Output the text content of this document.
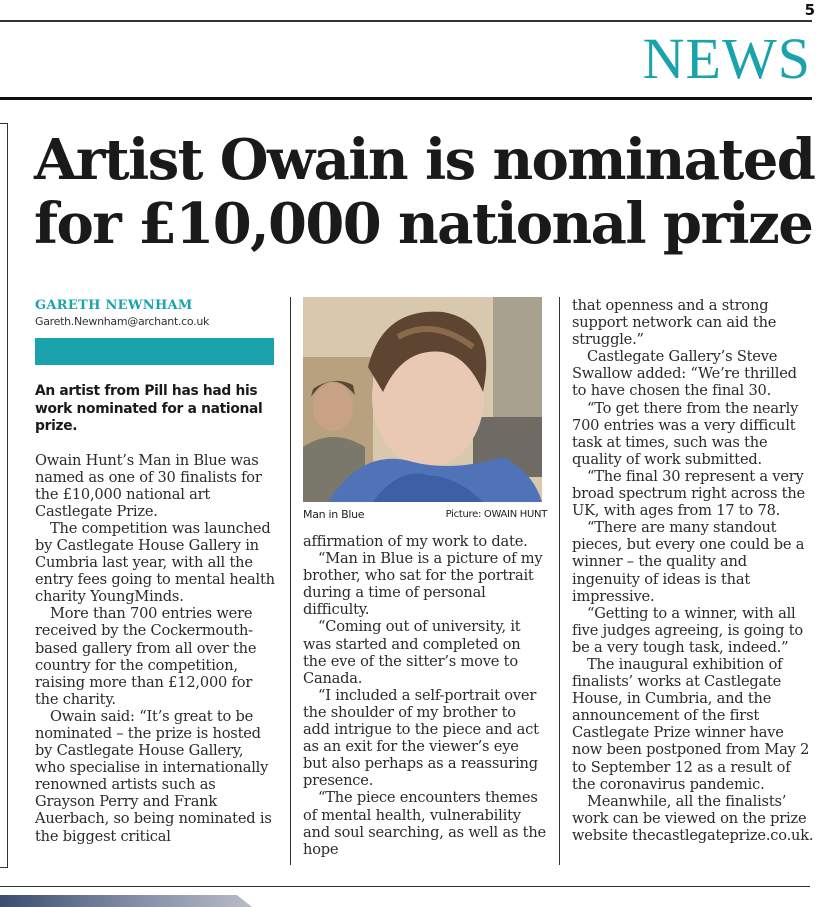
5
NEWS
Artist Owain is nominated
for £10,000 national prize
GARETH NEWNHAM
Gareth.Newnham@archant.co.uk
An artist from Pill has had his work nominated for a national prize.

Owain Hunt’s Man in Blue was named as one of 30 finalists for the £10,000 national art Castlegate Prize.

The competition was launched by Castlegate House Gallery in Cumbria last year, with all the entry fees going to mental health charity YoungMinds.

More than 700 entries were received by the Cockermouth-based gallery from all over the country for the competition, raising more than £12,000 for the charity.

Owain said: “It’s great to be nominated – the prize is hosted by Castlegate House Gallery, who specialise in internationally renowned artists such as Grayson Perry and Frank Auerbach, so being nominated is the biggest critical

Man in Blue	Picture: OWAIN HUNT

affirmation of my work to date.

“Man in Blue is a picture of my brother, who sat for the portrait during a time of personal difficulty.

“Coming out of university, it was started and completed on the eve of the sitter’s move to Canada.

“I included a self-portrait over the shoulder of my brother to add intrigue to the piece and act as an exit for the viewer’s eye but also perhaps as a reassuring presence.

“The piece encounters themes of mental health, vulnerability and soul searching, as well as the hope

that openness and a strong support network can aid the struggle.”

Castlegate Gallery’s Steve Swallow added: “We’re thrilled to have chosen the final 30.

“To get there from the nearly 700 entries was a very difficult task at times, such was the quality of work submitted.

“The final 30 represent a very broad spectrum right across the UK, with ages from 17 to 78.

“There are many standout pieces, but every one could be a winner – the quality and ingenuity of ideas is that impressive.

“Getting to a winner, with all five judges agreeing, is going to be a very tough task, indeed.”

The inaugural exhibition of finalists’ works at Castlegate House, in Cumbria, and the announcement of the first Castlegate Prize winner have now been postponed from May 2 to September 12 as a result of the coronavirus pandemic.

Meanwhile, all the finalists’ work can be viewed on the prize website thecastlegateprize.co.uk.
